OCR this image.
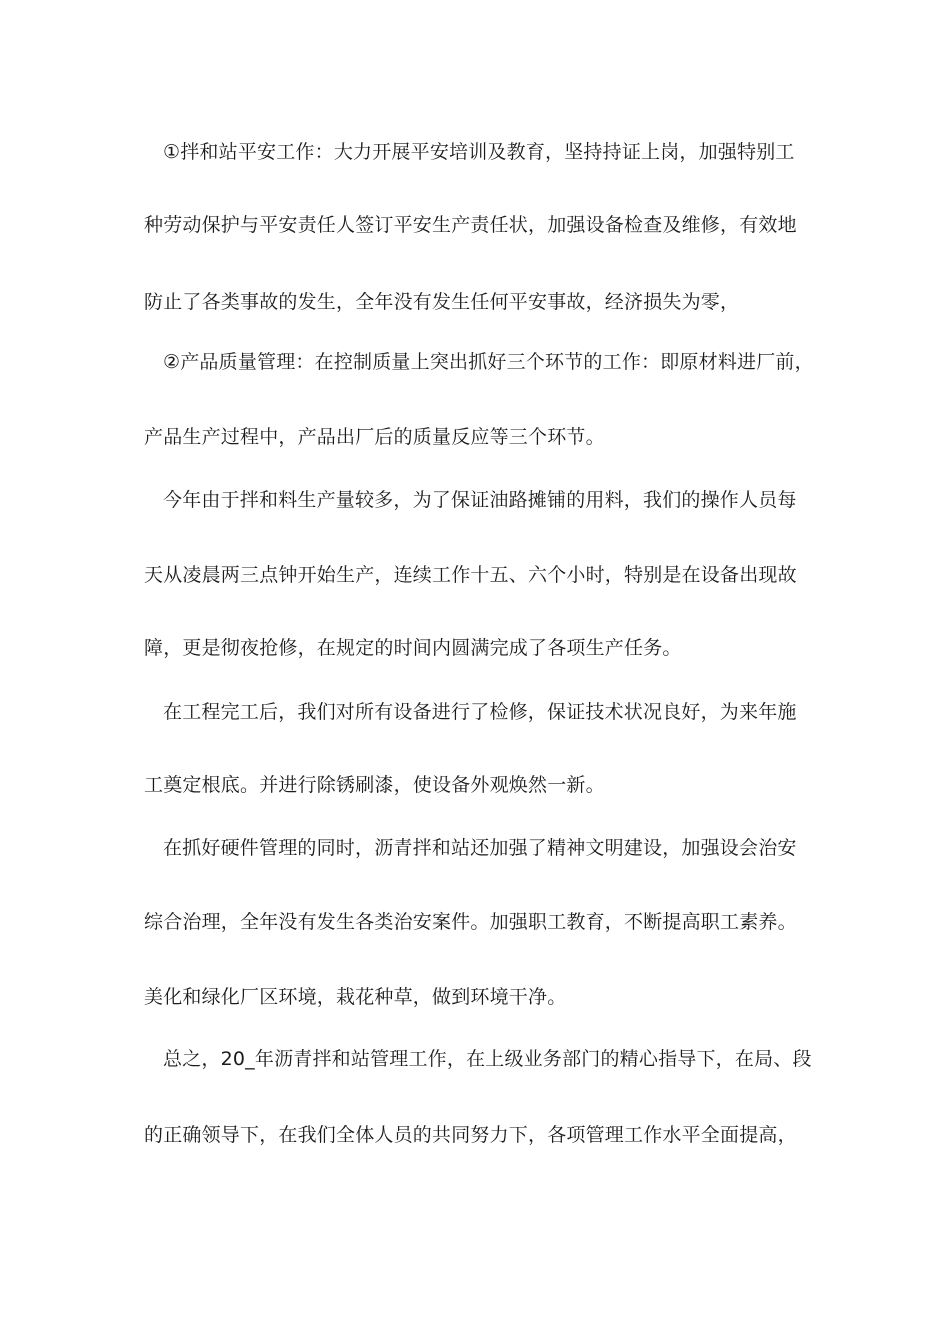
①拌和站平安工作：大力开展平安培训及教育，坚持持证上岗，加强特别工
种劳动保护与平安责任人签订平安生产责任状，加强设备检查及维修，有效地
防止了各类事故的发生，全年没有发生任何平安事故，经济损失为零，
②产品质量管理：在控制质量上突出抓好三个环节的工作：即原材料进厂前，
产品生产过程中，产品出厂后的质量反应等三个环节。
今年由于拌和料生产量较多，为了保证油路摊铺的用料，我们的操作人员每
天从凌晨两三点钟开始生产，连续工作十五、六个小时，特别是在设备出现故
障，更是彻夜抢修，在规定的时间内圆满完成了各项生产任务。
在工程完工后，我们对所有设备进行了检修，保证技术状况良好，为来年施
工奠定根底。并进行除锈刷漆，使设备外观焕然一新。
在抓好硬件管理的同时，沥青拌和站还加强了精神文明建设，加强设会治安
综合治理，全年没有发生各类治安案件。加强职工教育，不断提高职工素养。
美化和绿化厂区环境，栽花种草，做到环境干净。
总之，20_年沥青拌和站管理工作，在上级业务部门的精心指导下，在局、段
的正确领导下，在我们全体人员的共同努力下，各项管理工作水平全面提高，
